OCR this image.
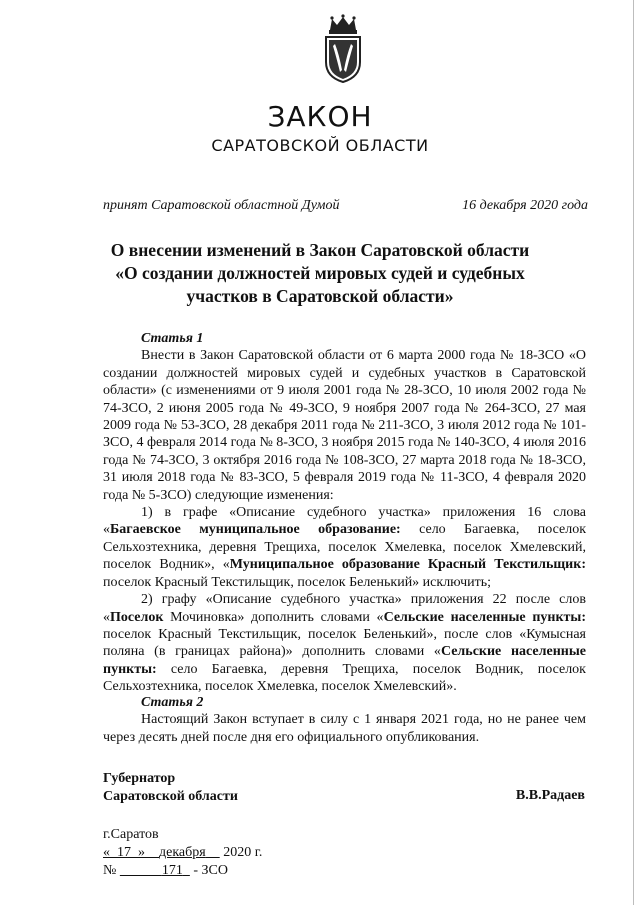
ЗАКОН
САРАТОВСКОЙ ОБЛАСТИ
принят Саратовской областной Думой	16 декабря 2020 года
О внесении изменений в Закон Саратовской области
«О создании должностей мировых судей и судебных
участков в Саратовской области»
Статья 1

Внести в Закон Саратовской области от 6 марта 2000 года № 18-ЗСО «О создании должностей мировых судей и судебных участков в Саратовской области» (с изменениями от 9 июля 2001 года № 28-ЗСО, 10 июля 2002 года № 74-ЗСО, 2 июня 2005 года № 49-ЗСО, 9 ноября 2007 года № 264-ЗСО, 27 мая 2009 года № 53-ЗСО, 28 декабря 2011 года № 211-ЗСО, 3 июля 2012 года № 101-ЗСО, 4 февраля 2014 года № 8-ЗСО, 3 ноября 2015 года № 140-ЗСО, 4 июля 2016 года № 74-ЗСО, 3 октября 2016 года № 108-ЗСО, 27 марта 2018 года № 18-ЗСО, 31 июля 2018 года № 83-ЗСО, 5 февраля 2019 года № 11-ЗСО, 4 февраля 2020 года № 5-ЗСО) следующие изменения:

1) в графе «Описание судебного участка» приложения 16 слова «Багаевское муниципальное образование: село Багаевка, поселок Сельхозтехника, деревня Трещиха, поселок Хмелевка, поселок Хмелевский, поселок Водник», «Муниципальное образование Красный Текстильщик: поселок Красный Текстильщик, поселок Беленький» исключить;

2) графу «Описание судебного участка» приложения 22 после слов «Поселок Мочиновка» дополнить словами «Сельские населенные пункты: поселок Красный Текстильщик, поселок Беленький», после слов «Кумысная поляна (в границах района)» дополнить словами «Сельские населенные пункты: село Багаевка, деревня Трещиха, поселок Водник, поселок Сельхозтехника, поселок Хмелевка, поселок Хмелевский».

Статья 2

Настоящий Закон вступает в силу с 1 января 2021 года, но не ранее чем через десять дней после дня его официального опубликования.

Губернатор
Саратовской области	В.В.Радаев
г.Саратов
« 17 » декабря 2020 г.
№	171 - ЗСО
